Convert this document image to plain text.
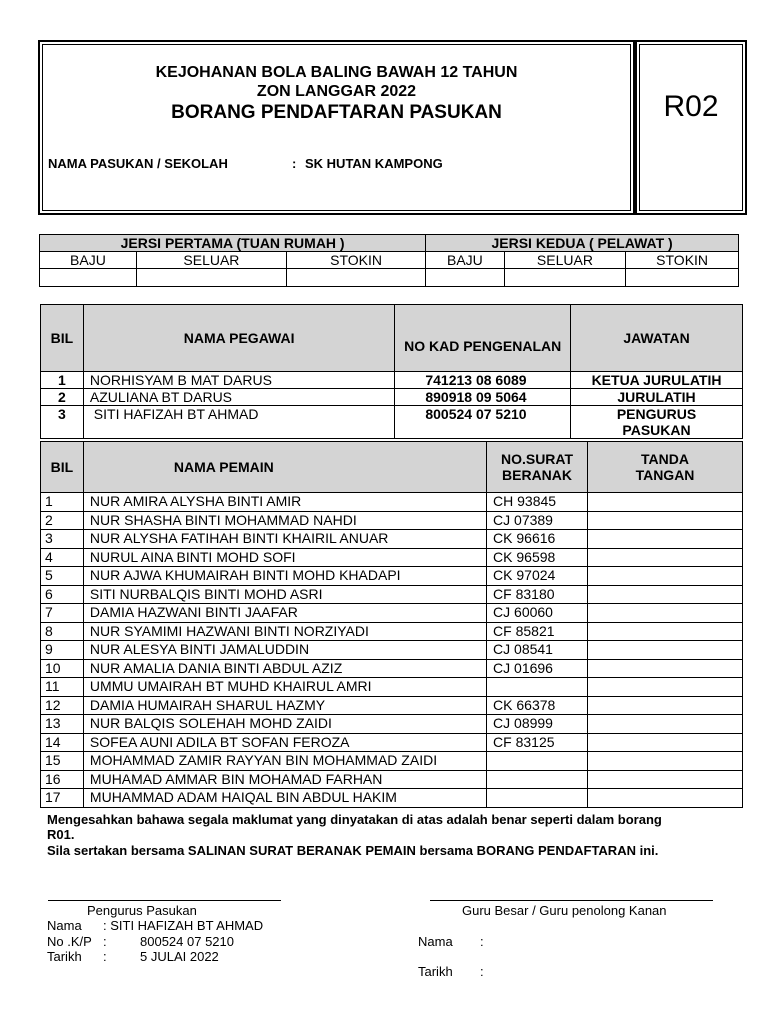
KEJOHANAN BOLA BALING BAWAH 12 TAHUN
ZON LANGGAR 2022
BORANG PENDAFTARAN PASUKAN
NAMA PASUKAN / SEKOLAH	: SK HUTAN KAMPONG
R02
JERSI PERTAMA (TUAN RUMAH )			JERSI KEDUA ( PELAWAT )		
BAJU	SELUAR	STOKIN	BAJU	SELUAR	STOKIN

BIL	NAMA PEGAWAI	NO KAD PENGENALAN	JAWATAN
1	NORHISYAM B MAT DARUS	741213 08 6089	KETUA JURULATIH
2	AZULIANA BT DARUS	890918 09 5064	JURULATIH
3	SITI HAFIZAH BT AHMAD	800524 07 5210	PENGURUS PASUKAN
BIL	NAMA PEMAIN	NO.SURAT BERANAK	TANDA TANGAN
1	NUR AMIRA ALYSHA BINTI AMIR	CH 93845	
2	NUR SHASHA BINTI MOHAMMAD NAHDI	CJ 07389	
3	NUR ALYSHA FATIHAH BINTI KHAIRIL ANUAR	CK 96616	
4	NURUL AINA BINTI MOHD SOFI	CK 96598	
5	NUR AJWA KHUMAIRAH BINTI MOHD KHADAPI	CK 97024	
6	SITI NURBALQIS BINTI MOHD ASRI	CF 83180	
7	DAMIA HAZWANI BINTI JAAFAR	CJ 60060	
8	NUR SYAMIMI HAZWANI BINTI NORZIYADI	CF 85821	
9	NUR ALESYA BINTI JAMALUDDIN	CJ 08541	
10	NUR AMALIA DANIA BINTI ABDUL AZIZ	CJ 01696	
11	UMMU UMAIRAH BT MUHD KHAIRUL AMRI		
12	DAMIA HUMAIRAH SHARUL HAZMY	CK 66378	
13	NUR BALQIS SOLEHAH MOHD ZAIDI	CJ 08999	
14	SOFEA AUNI ADILA BT SOFAN FEROZA	CF 83125	
15	MOHAMMAD ZAMIR RAYYAN BIN MOHAMMAD ZAIDI		
16	MUHAMAD AMMAR BIN MOHAMAD FARHAN		
17	MUHAMMAD ADAM HAIQAL BIN ABDUL HAKIM		
Mengesahkan bahawa segala maklumat yang dinyatakan di atas adalah benar seperti dalam borang
R01.
Sila sertakan bersama SALINAN SURAT BERANAK PEMAIN bersama BORANG PENDAFTARAN ini.
Pengurus Pasukan
Nama : SITI HAFIZAH BT AHMAD
No .K/P :	800524 07 5210
Tarikh :	5 JULAI 2022
Guru Besar / Guru penolong Kanan
Nama :
Tarikh :
